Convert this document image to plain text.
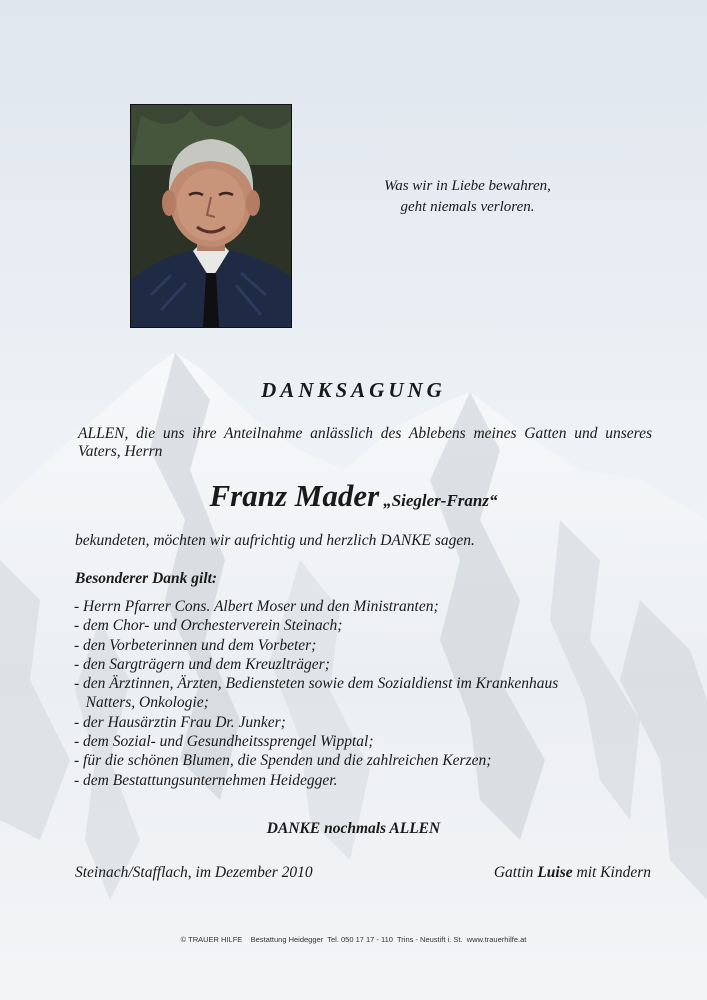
Was wir in Liebe bewahren,
geht niemals verloren.
DANKSAGUNG
ALLEN, die uns ihre Anteilnahme anlässlich des Ablebens meines Gatten und unseres Vaters, Herrn
Franz Mader „Siegler-Franz“
bekundeten, möchten wir aufrichtig und herzlich DANKE sagen.
Besonderer Dank gilt:
- Herrn Pfarrer Cons. Albert Moser und den Ministranten;
- dem Chor- und Orchesterverein Steinach;
- den Vorbeterinnen und dem Vorbeter;
- den Sargträgern und dem Kreuzlträger;
- den Ärztinnen, Ärzten, Bediensteten sowie dem Sozialdienst im Krankenhaus
Natters, Onkologie;
- der Hausärztin Frau Dr. Junker;
- dem Sozial- und Gesundheitssprengel Wipptal;
- für die schönen Blumen, die Spenden und die zahlreichen Kerzen;
- dem Bestattungsunternehmen Heidegger.
DANKE nochmals ALLEN
Steinach/Stafflach, im Dezember 2010	Gattin Luise mit Kindern
© TRAUER HILFE    Bestattung Heidegger  Tel. 050 17 17 - 110  Trins - Neustift i. St.  www.trauerhilfe.at
